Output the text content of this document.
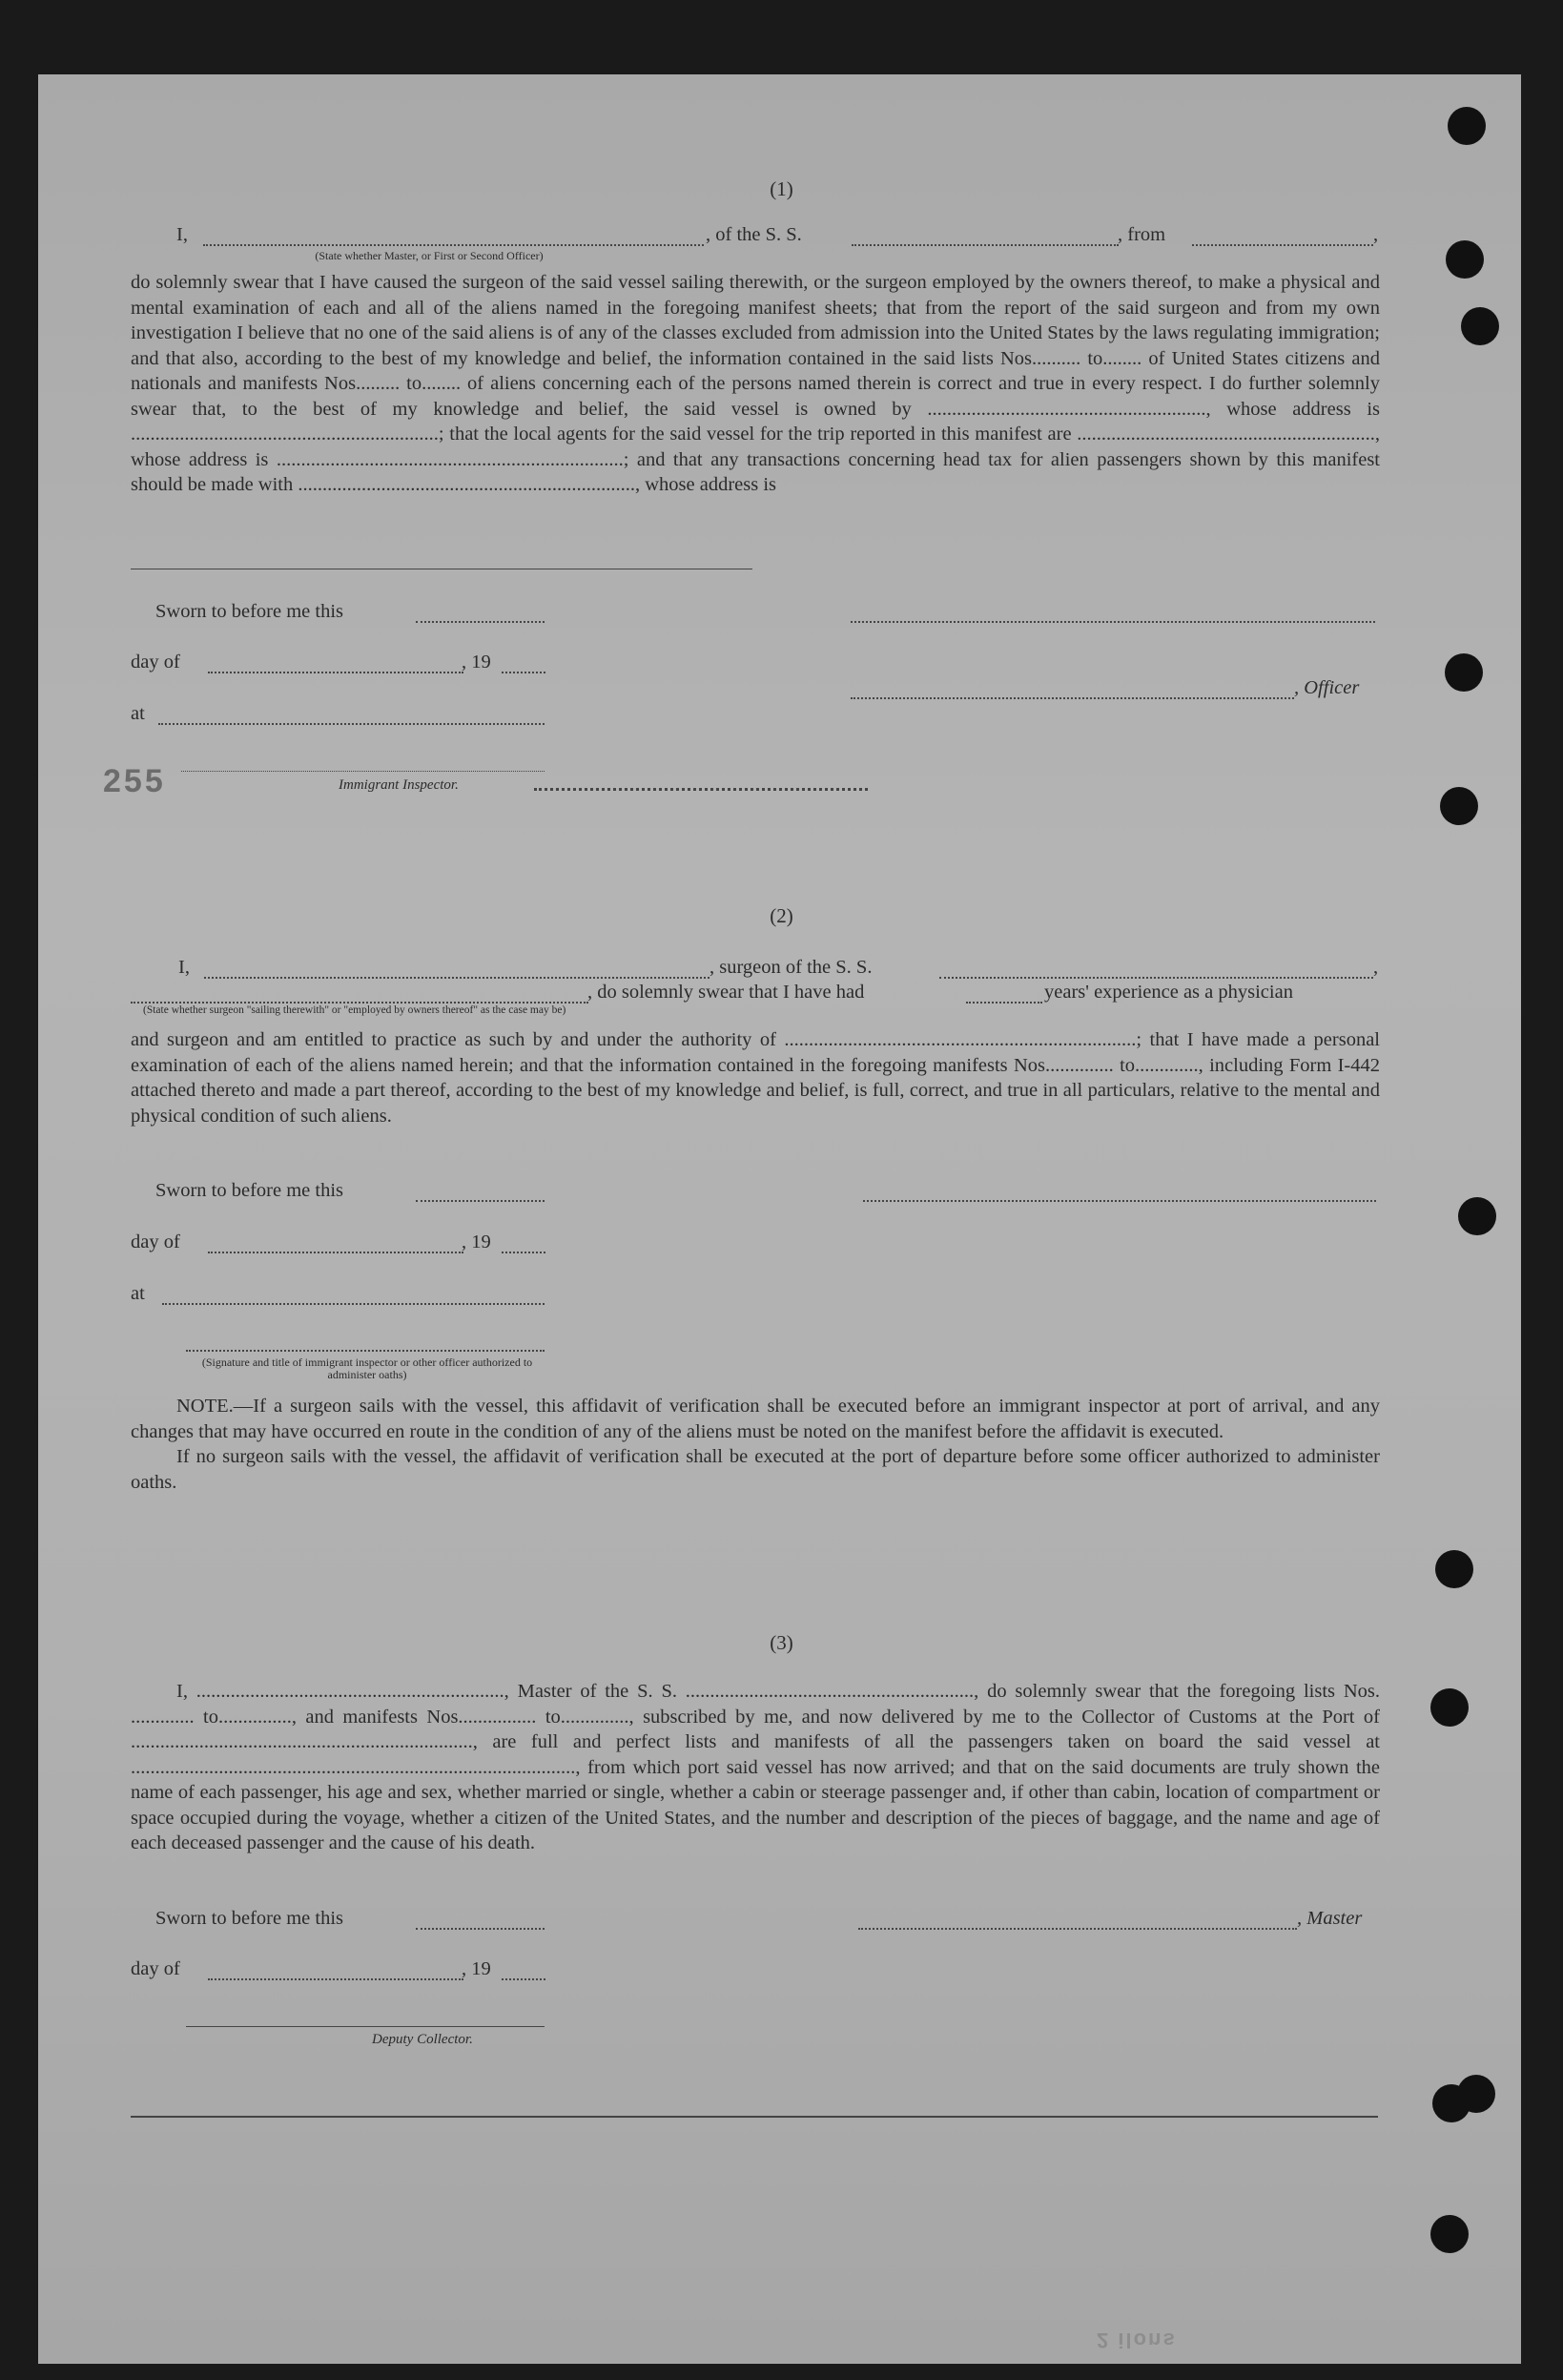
(1)
I,	, of the S. S.	, from	,
(State whether Master, or First or Second Officer)

do solemnly swear that I have caused the surgeon of the said vessel sailing therewith, or the surgeon employed by the owners thereof, to make a physical and mental examination of each and all of the aliens named in the foregoing manifest sheets; that from the report of the said surgeon and from my own investigation I believe that no one of the said aliens is of any of the classes excluded from admission into the United States by the laws regulating immigration; and that also, according to the best of my knowledge and belief, the information contained in the said lists Nos.......... to........ of United States citizens and nationals and manifests Nos......... to........ of aliens concerning each of the persons named therein is correct and true in every respect. I do further solemnly swear that, to the best of my knowledge and belief, the said vessel is owned by ........................................................., whose address is ...............................................................; that the local agents for the said vessel for the trip reported in this manifest are ............................................................., whose address is .......................................................................; and that any transactions concerning head tax for alien passengers shown by this manifest should be made with ....................................................................., whose address is

Sworn to before me this
day of	, 19
, Officer
at
Immigrant Inspector.
255
(2)
I,	, surgeon of the S. S.	,
, do solemnly swear that I have had	years' experience as a physician
(State whether surgeon "sailing therewith" or "employed by owners thereof" as the case may be)

and surgeon and am entitled to practice as such by and under the authority of ........................................................................; that I have made a personal examination of each of the aliens named herein; and that the information contained in the foregoing manifests Nos.............. to............., including Form I-442 attached thereto and made a part thereof, according to the best of my knowledge and belief, is full, correct, and true in all particulars, relative to the mental and physical condition of such aliens.

Sworn to before me this
day of	, 19
at
(Signature and title of immigrant inspector or other officer authorized to administer oaths)

NOTE.—If a surgeon sails with the vessel, this affidavit of verification shall be executed before an immigrant inspector at port of arrival, and any changes that may have occurred en route in the condition of any of the aliens must be noted on the manifest before the affidavit is executed.

If no surgeon sails with the vessel, the affidavit of verification shall be executed at the port of departure before some officer authorized to administer oaths.

(3)

I, ..............................................................., Master of the S. S. ..........................................................., do solemnly swear that the foregoing lists Nos. ............. to..............., and manifests Nos................ to.............., subscribed by me, and now delivered by me to the Collector of Customs at the Port of ......................................................................, are full and perfect lists and manifests of all the passengers taken on board the said vessel at ..........................................................................................., from which port said vessel has now arrived; and that on the said documents are truly shown the name of each passenger, his age and sex, whether married or single, whether a cabin or steerage passenger and, if other than cabin, location of compartment or space occupied during the voyage, whether a citizen of the United States, and the number and description of the pieces of baggage, and the name and age of each deceased passenger and the cause of his death.

Sworn to before me this	, Master
day of	, 19
Deputy Collector.
2 ilons
